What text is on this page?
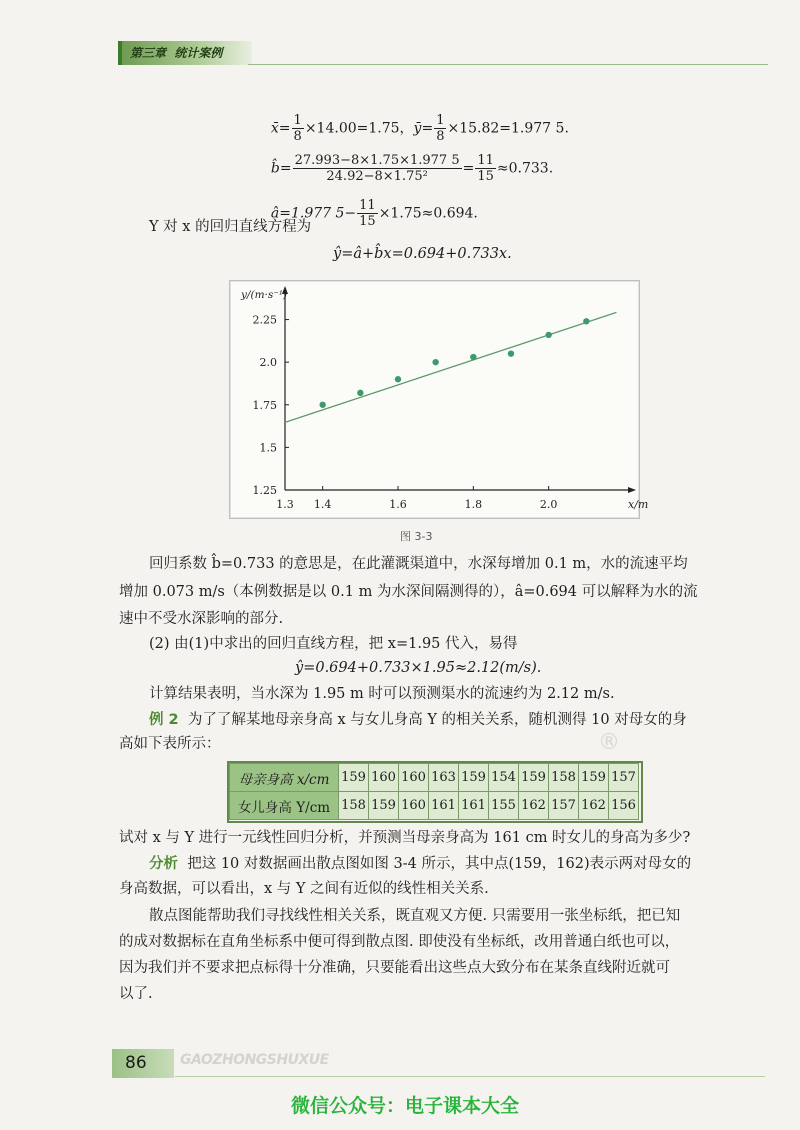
第三章  统计案例

x̄= $\frac{1}{8} \times 14.00=1.75$，ȳ= $\frac{1}{8} \times 15.82=1.977$ 5.

b̂= $\frac{27.993-8\times 1.75\times 1.977 5}{\text{24.92−8×1.75²}} = \frac{11}{15} \approx 0.733$.

â=1.977 $5- \frac{11}{15} \times 1.75\approx 0.694$.

Y 对 x 的回归直线方程为
ŷ=â+b̂x=0.694+0.733x.
1.3 1.4	1.6	1.8	2.0
1.25
1.5
1.75
2.0
2.25
y/(m·s⁻¹)
x/m
图 3-3
回归系数 b̂=0.733 的意思是，在此灌溉渠道中，水深每增加 0.1 m，水的流速平均
增加 0.073 m/s（本例数据是以 0.1 m 为水深间隔测得的），â=0.694 可以解释为水的流
速中不受水深影响的部分.
(2) 由(1)中求出的回归直线方程，把 x=1.95 代入，易得
ŷ=0.694+0.733×1.95≈2.12(m/s).
计算结果表明，当水深为 1.95 m 时可以预测渠水的流速约为 2.12 m/s.
例 2  为了了解某地母亲身高 x 与女儿身高 Y 的相关关系，随机测得 10 对母女的身
高如下表所示：	®
母亲身高 x/cm	159	160	160	163	159	154	159	158	159	157
女儿身高 Y/cm	158	159	160	161	161	155	162	157	162	156
试对 x 与 Y 进行一元线性回归分析，并预测当母亲身高为 161 cm 时女儿的身高为多少?
分析  把这 10 对数据画出散点图如图 3-4 所示，其中点(159，162)表示两对母女的
身高数据，可以看出，x 与 Y 之间有近似的线性相关关系.
散点图能帮助我们寻找线性相关关系，既直观又方便. 只需要用一张坐标纸，把已知
的成对数据标在直角坐标系中便可得到散点图. 即使没有坐标纸，改用普通白纸也可以，
因为我们并不要求把点标得十分准确，只要能看出这些点大致分布在某条直线附近就可
以了.
86 GAOZHONGSHUXUE
微信公众号：电子课本大全
